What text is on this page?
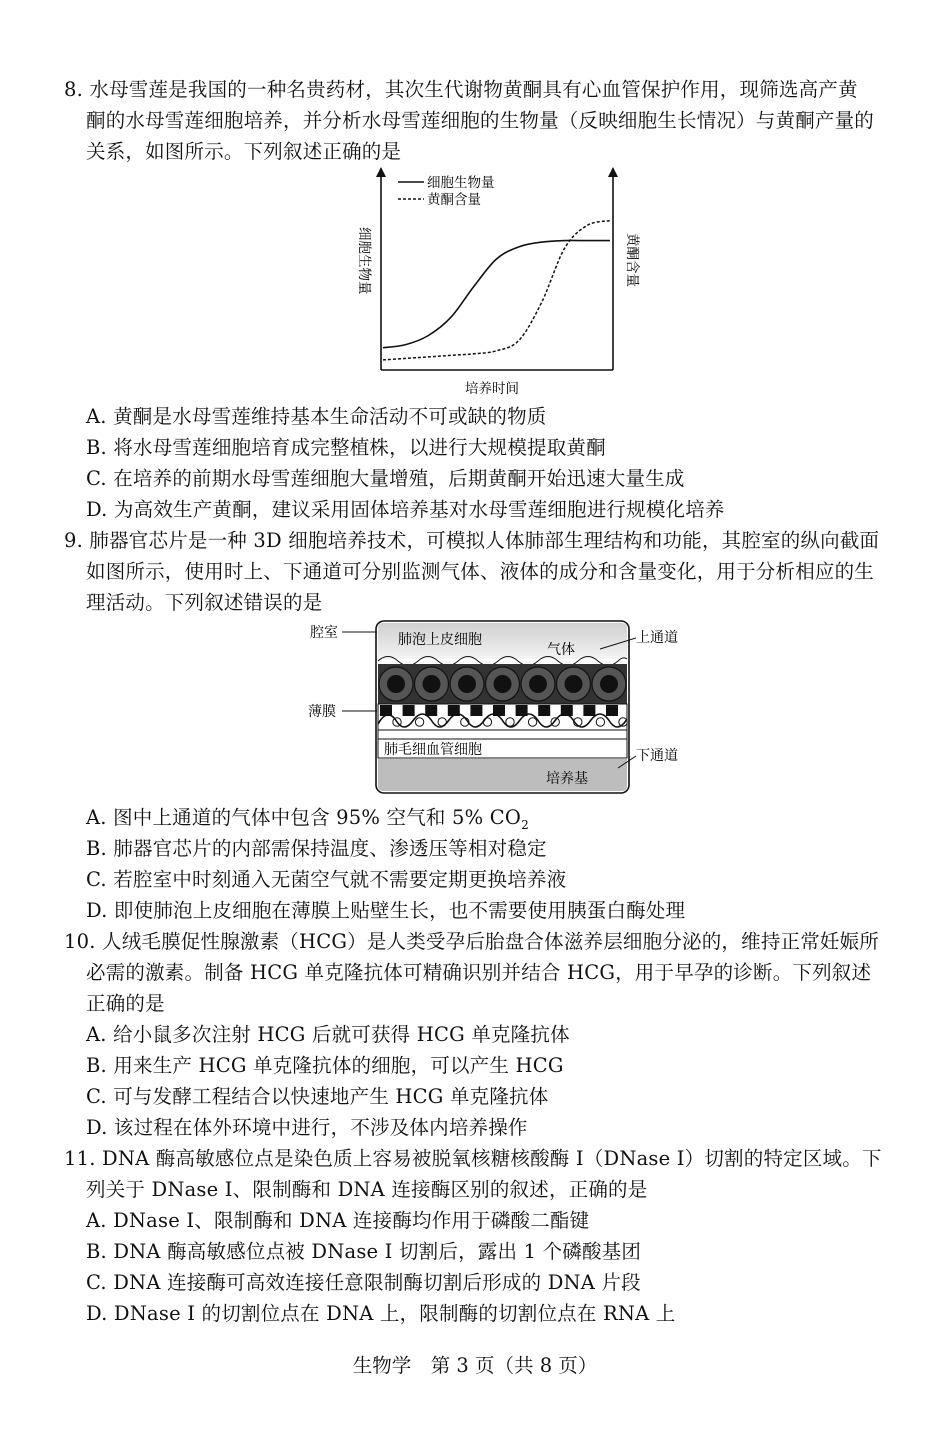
8. 水母雪莲是我国的一种名贵药材，其次生代谢物黄酮具有心血管保护作用，现筛选高产黄
酮的水母雪莲细胞培养，并分析水母雪莲细胞的生物量（反映细胞生长情况）与黄酮产量的
关系，如图所示。下列叙述正确的是
细胞生物量
黄酮含量
细胞生物量	黄酮含量
培养时间
A. 黄酮是水母雪莲维持基本生命活动不可或缺的物质
B. 将水母雪莲细胞培育成完整植株，以进行大规模提取黄酮
C. 在培养的前期水母雪莲细胞大量增殖，后期黄酮开始迅速大量生成
D. 为高效生产黄酮，建议采用固体培养基对水母雪莲细胞进行规模化培养
9. 肺器官芯片是一种 3D 细胞培养技术，可模拟人体肺部生理结构和功能，其腔室的纵向截面
如图所示，使用时上、下通道可分别监测气体、液体的成分和含量变化，用于分析相应的生
理活动。下列叙述错误的是
腔室	肺泡上皮细胞
气体
上通道
薄膜
肺毛细血管细胞	下通道
培养基
A. 图中上通道的气体中包含 95% 空气和 5% $CO_2$
B. 肺器官芯片的内部需保持温度、渗透压等相对稳定
C. 若腔室中时刻通入无菌空气就不需要定期更换培养液
D. 即使肺泡上皮细胞在薄膜上贴壁生长，也不需要使用胰蛋白酶处理
10. 人绒毛膜促性腺激素（HCG）是人类受孕后胎盘合体滋养层细胞分泌的，维持正常妊娠所
必需的激素。制备 HCG 单克隆抗体可精确识别并结合 HCG，用于早孕的诊断。下列叙述
正确的是
A. 给小鼠多次注射 HCG 后就可获得 HCG 单克隆抗体
B. 用来生产 HCG 单克隆抗体的细胞，可以产生 HCG
C. 可与发酵工程结合以快速地产生 HCG 单克隆抗体
D. 该过程在体外环境中进行，不涉及体内培养操作
11. DNA 酶高敏感位点是染色质上容易被脱氧核糖核酸酶 Ⅰ（DNase Ⅰ）切割的特定区域。下
列关于 DNase Ⅰ、限制酶和 DNA 连接酶区别的叙述，正确的是
A. DNase Ⅰ、限制酶和 DNA 连接酶均作用于磷酸二酯键
B. DNA 酶高敏感位点被 DNase Ⅰ 切割后，露出 1 个磷酸基团
C. DNA 连接酶可高效连接任意限制酶切割后形成的 DNA 片段
D. DNase Ⅰ 的切割位点在 DNA 上，限制酶的切割位点在 RNA 上
生物学　第 3 页（共 8 页）
